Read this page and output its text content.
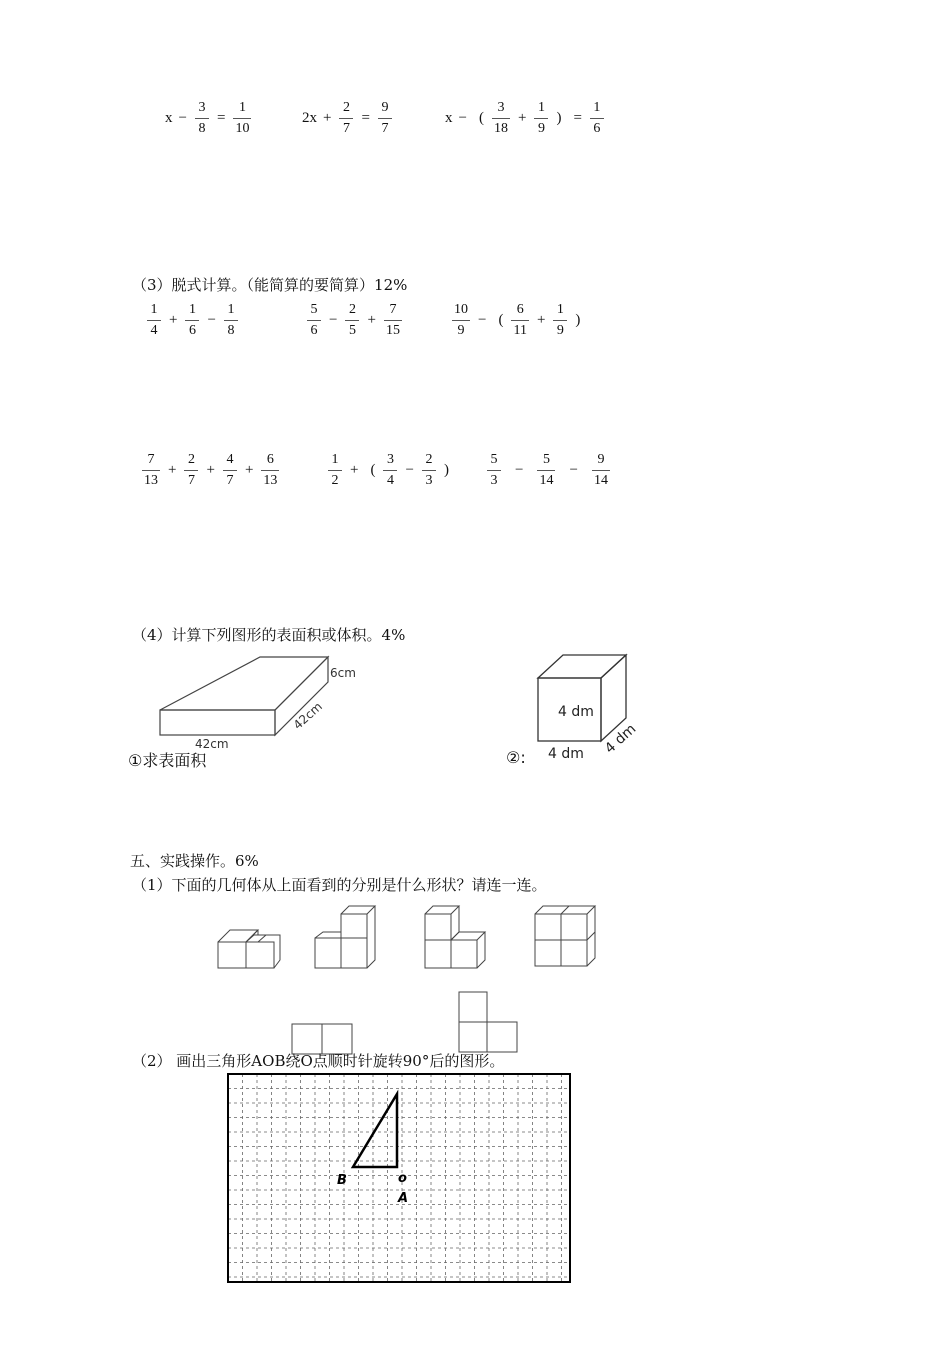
$x - \frac{3}{8} = \frac{1}{10}$	$2x + \frac{2}{7} = \frac{9}{7}$	x − ( $\frac{3}{18} + \frac{1}{9}$ ) = $\frac{1}{6}$
（3）脱式计算。（能简算的要简算）12%
$\frac{1}{4} + \frac{1}{6} - \frac{1}{8}$	$\frac{5}{6} - \frac{2}{5} + \frac{7}{15}$	$\frac{10}{9}$ − ( $\frac{6}{11} + \frac{1}{9}$ )
$\frac{7}{13} + \frac{2}{7} + \frac{4}{7} + \frac{6}{13}$	$\frac{1}{2}$ + ( $\frac{3}{4} - \frac{2}{3}$ )	$\frac{5}{3} - \frac{5}{14} - \frac{9}{14}$
（4）计算下列图形的表面积或体积。4%
6cm
42cm
42cm
①求表面积
4 dm
4 dm 4 dm
②:
五、实践操作。6%
（1）下面的几何体从上面看到的分别是什么形状？请连一连。
（2） 画出三角形AOB绕O点顺时针旋转90°后的图形。
B	o
A
